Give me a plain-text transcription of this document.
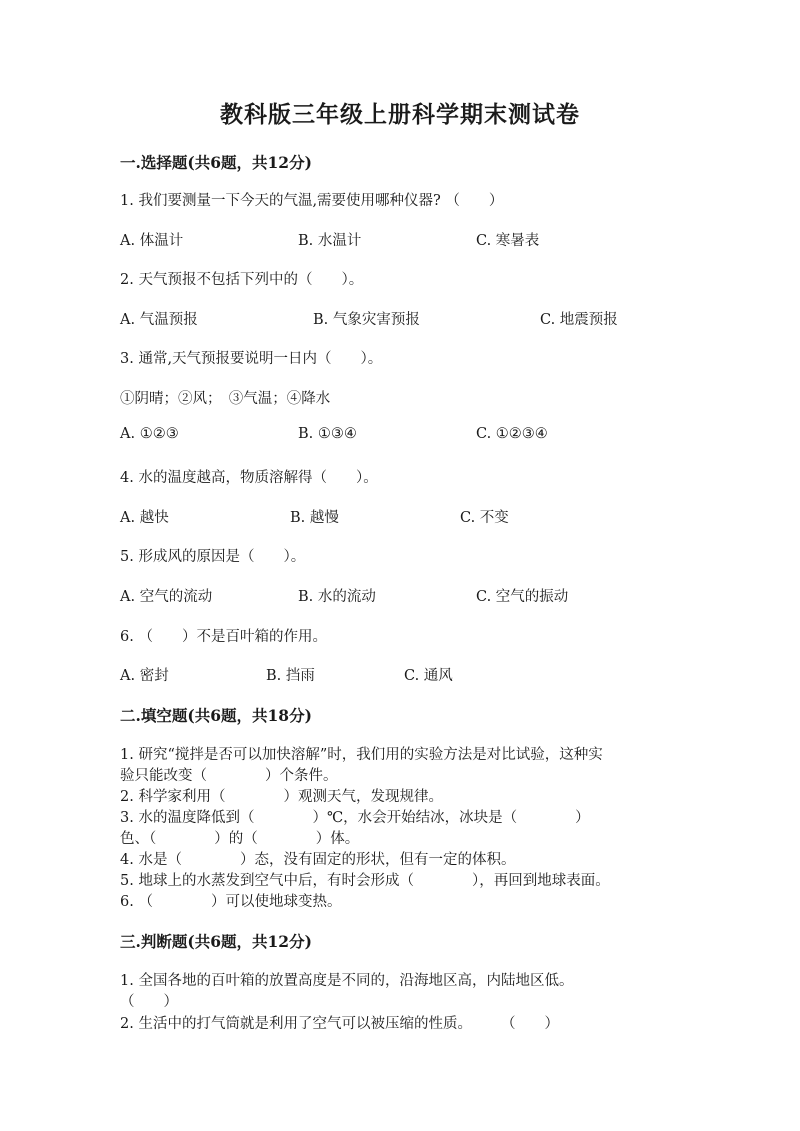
教科版三年级上册科学期末测试卷
一.选择题(共6题，共12分)
1. 我们要测量一下今天的气温,需要使用哪种仪器? （　　）
A. 体温计	B. 水温计	C. 寒暑表
2. 天气预报不包括下列中的（　　）。
A. 气温预报	B. 气象灾害预报	C. 地震预报
3. 通常,天气预报要说明一日内（　　）。
①阴晴；②风；　③气温；④降水
A. ①②③	B. ①③④	C. ①②③④
4. 水的温度越高，物质溶解得（　　）。
A. 越快	B. 越慢	C. 不变
5. 形成风的原因是（　　）。
A. 空气的流动	B. 水的流动	C. 空气的振动
6. （　　）不是百叶箱的作用。
A. 密封	B. 挡雨	C. 通风
二.填空题(共6题，共18分)
1. 研究“搅拌是否可以加快溶解”时，我们用的实验方法是对比试验，这种实
验只能改变（　　　　）个条件。
2. 科学家利用（　　　　）观测天气，发现规律。
3. 水的温度降低到（　　　　）℃，水会开始结冰，冰块是（　　　　）
色、（　　　　）的（　　　　）体。
4. 水是（　　　　）态，没有固定的形状，但有一定的体积。
5. 地球上的水蒸发到空气中后，有时会形成（　　　　），再回到地球表面。
6. （　　　　）可以使地球变热。
三.判断题(共6题，共12分)
1. 全国各地的百叶箱的放置高度是不同的，沿海地区高，内陆地区低。
（　　）
2. 生活中的打气筒就是利用了空气可以被压缩的性质。　　　（　　）
